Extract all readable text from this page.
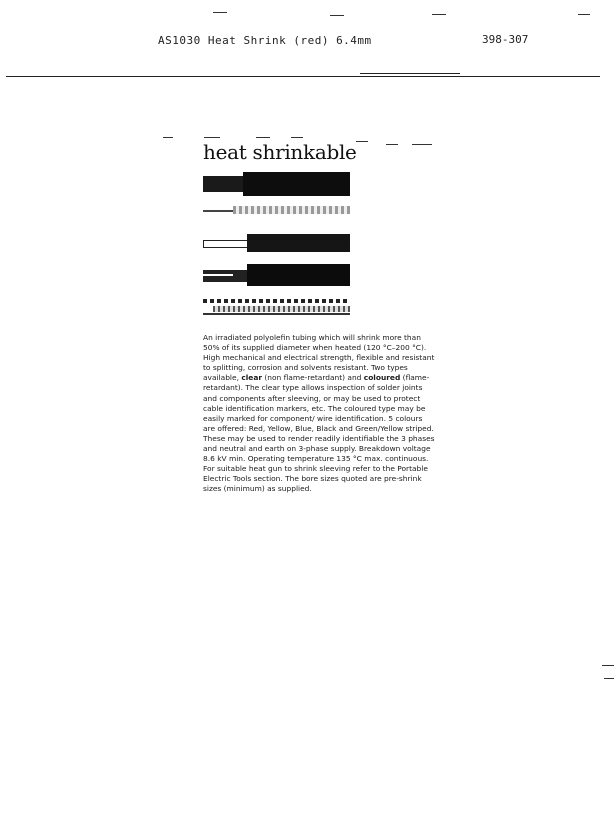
AS1030 Heat Shrink (red) 6.4mm	398-307
heat shrinkable

An irradiated polyolefin tubing which will shrink more than 50% of its supplied diameter when heated (120 °C–200 °C). High mechanical and electrical strength, flexible and resistant to splitting, corrosion and solvents resistant. Two types available, clear (non flame-retardant) and coloured (flame-retardant). The clear type allows inspection of solder joints and components after sleeving, or may be used to protect cable identification markers, etc. The coloured type may be easily marked for component/ wire identification. 5 colours are offered: Red, Yellow, Blue, Black and Green/Yellow striped. These may be used to render readily identifiable the 3 phases and neutral and earth on 3-phase supply. Breakdown voltage 8.6 kV min. Operating temperature 135 °C max. continuous. For suitable heat gun to shrink sleeving refer to the Portable Electric Tools section. The bore sizes quoted are pre-shrink sizes (minimum) as supplied.
